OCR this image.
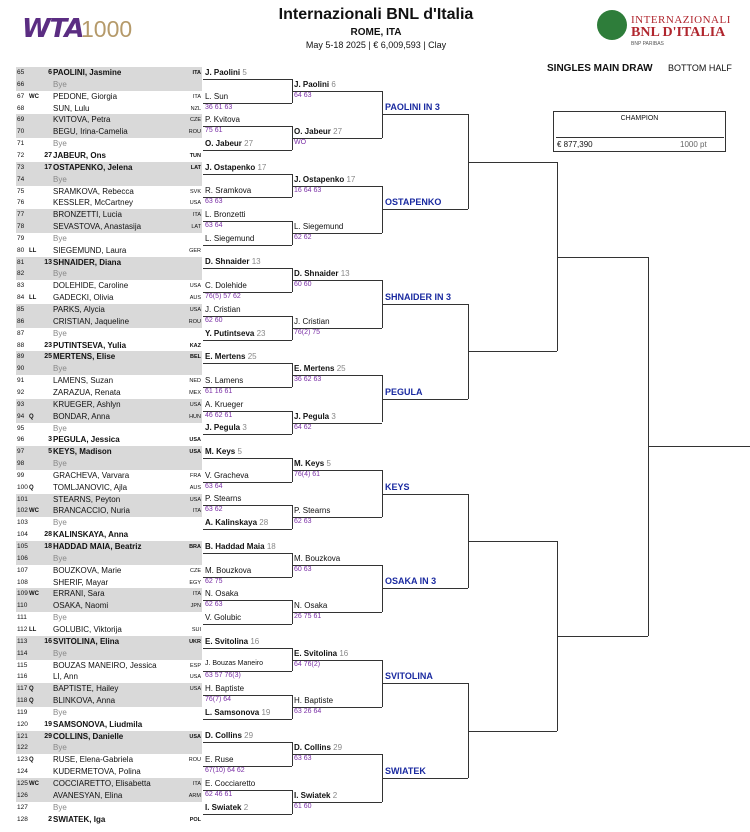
WTA
1000
Internazionali BNL d'Italia
ROME, ITA
May 5-18 2025 | € 6,009,593 | Clay
INTERNAZIONALI
BNL D'ITALIA
BNP PARIBAS
SINGLES MAIN DRAW BOTTOM HALF
CHAMPION
€ 877,390	1000 pt
65	6 PAOLINI, Jasmine	ITA
66	Bye
67 WC PEDONE, Giorgia	ITA
68	SUN, Lulu	NZL
69	KVITOVA, Petra	CZE
70	BEGU, Irina-Camelia	ROU
71	Bye
72	27 JABEUR, Ons	TUN
73	17 OSTAPENKO, Jelena	LAT
74	Bye
75	SRAMKOVA, Rebecca	SVK
76	KESSLER, McCartney	USA
77	BRONZETTI, Lucia	ITA
78	SEVASTOVA, Anastasija	LAT
79	Bye
80 LL SIEGEMUND, Laura	GER
81	13 SHNAIDER, Diana
82	Bye
83	DOLEHIDE, Caroline	USA
84 LL GADECKI, Olivia	AUS
85	PARKS, Alycia	USA
86	CRISTIAN, Jaqueline	ROU
87	Bye
88	23 PUTINTSEVA, Yulia	KAZ
89	25 MERTENS, Elise	BEL
90	Bye
91	LAMENS, Suzan	NED
92	ZARAZUA, Renata	MEX
93	KRUEGER, Ashlyn	USA
94 Q BONDAR, Anna	HUN
95	Bye
96	3 PEGULA, Jessica	USA
97	5 KEYS, Madison	USA
98	Bye
99	GRACHEVA, Varvara	FRA
100 Q TOMLJANOVIC, Ajla	AUS
101	STEARNS, Peyton	USA
102 WC BRANCACCIO, Nuria	ITA
103	Bye
104	28 KALINSKAYA, Anna
105	18 HADDAD MAIA, Beatriz	BRA
106	Bye
107	BOUZKOVA, Marie	CZE
108	SHERIF, Mayar	EGY
109 WC ERRANI, Sara	ITA
110	OSAKA, Naomi	JPN
111	Bye
112 LL GOLUBIC, Viktorija	SUI
113	16 SVITOLINA, Elina	UKR
114	Bye
115	BOUZAS MANEIRO, Jessica	ESP
116	LI, Ann	USA
117 Q BAPTISTE, Hailey	USA
118 Q BLINKOVA, Anna
119	Bye
120	19 SAMSONOVA, Liudmila
121	29 COLLINS, Danielle	USA
122	Bye
123 Q RUSE, Elena-Gabriela	ROU
124	KUDERMETOVA, Polina
125 WC COCCIARETTO, Elisabetta	ITA
126	AVANESYAN, Elina	ARM
127	Bye
128	2 SWIATEK, Iga	POL
J. Paolini 5
L. Sun
36 61 63
P. Kvitova
75 61
O. Jabeur 27
J. Ostapenko 17
R. Sramkova
63 63
L. Bronzetti
63 64
L. Siegemund
D. Shnaider 13
C. Dolehide
76(5) 57 62
J. Cristian
62 60
Y. Putintseva 23
E. Mertens 25
S. Lamens
61 16 61
A. Krueger
46 62 61
J. Pegula 3
M. Keys 5
V. Gracheva
63 64
P. Stearns
63 62
A. Kalinskaya 28
B. Haddad Maia 18
M. Bouzkova
62 75
N. Osaka
62 63
V. Golubic
E. Svitolina 16
J. Bouzas Maneiro
63 57 76(3)
H. Baptiste
76(7) 64
L. Samsonova 19
D. Collins 29
E. Ruse
67(10) 64 62
E. Cocciaretto
62 46 61
I. Swiatek 2
J. Paolini 6
64 63
O. Jabeur 27
WO
J. Ostapenko 17
16 64 63
L. Siegemund
62 62
D. Shnaider 13
60 60
J. Cristian
76(2) 75
E. Mertens 25
36 62 63
J. Pegula 3
64 62
M. Keys 5
76(4) 61
P. Stearns
62 63
M. Bouzkova
60 63
N. Osaka
26 75 61
E. Svitolina 16
64 76(2)
H. Baptiste
63 26 64
D. Collins 29
63 63
I. Swiatek 2
61 60
PAOLINI IN 3
OSTAPENKO
SHNAIDER IN 3
PEGULA
KEYS
OSAKA IN 3
SVITOLINA
SWIATEK
